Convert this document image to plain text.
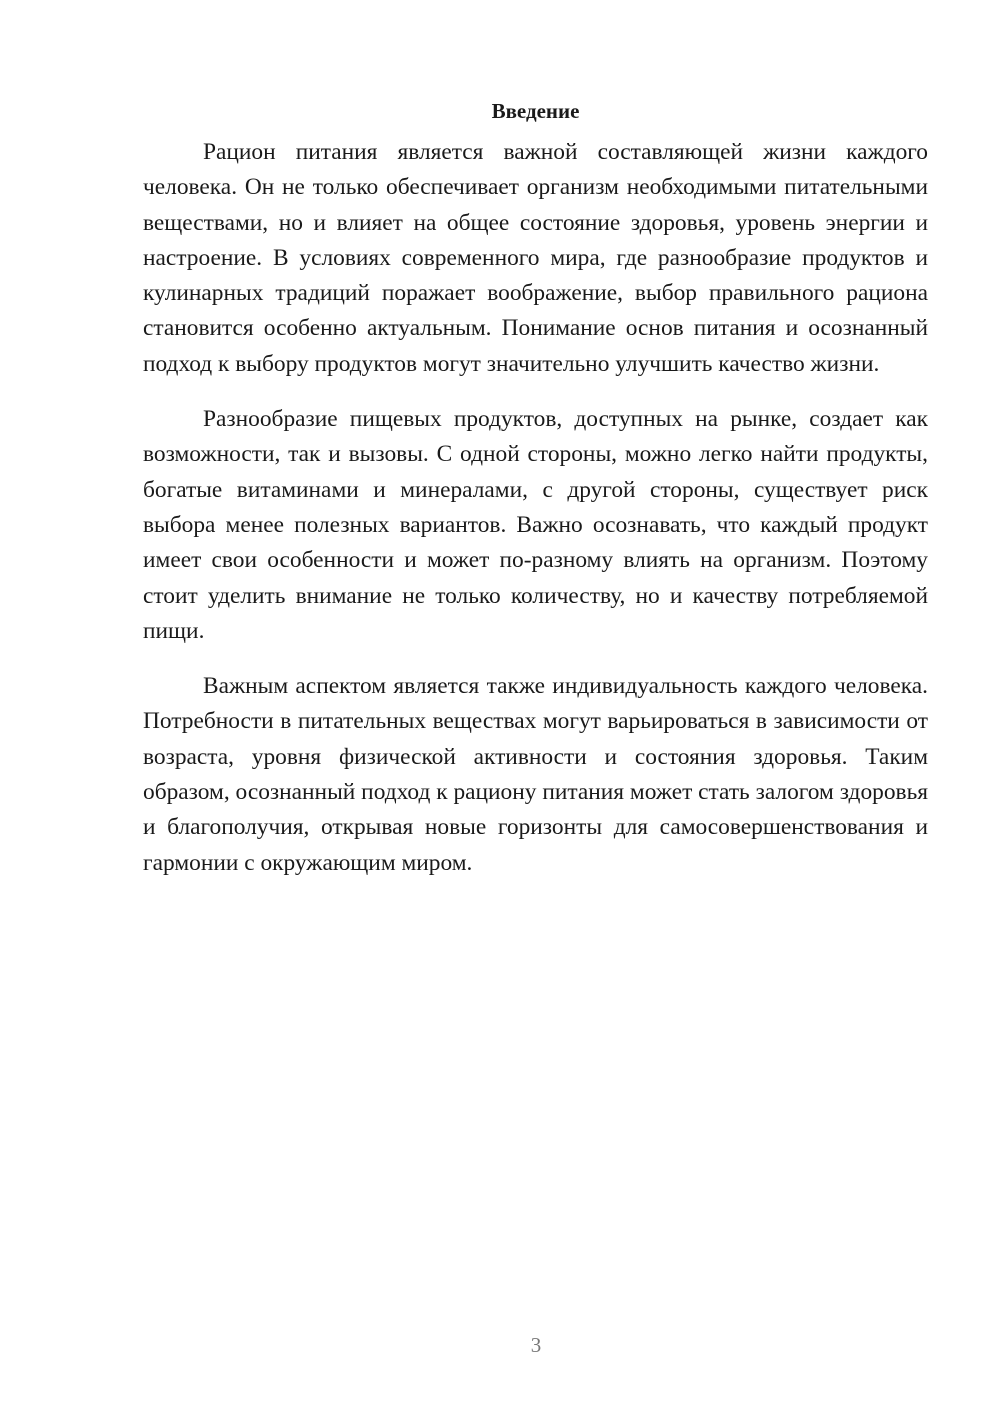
Введение

Рацион питания является важной составляющей жизни каждого человека. Он не только обеспечивает организм необходимыми питательными веществами, но и влияет на общее состояние здоровья, уровень энергии и настроение. В условиях современного мира, где разнообразие продуктов и кулинарных традиций поражает воображение, выбор правильного рациона становится особенно актуальным. Понимание основ питания и осознанный подход к выбору продуктов могут значительно улучшить качество жизни.

Разнообразие пищевых продуктов, доступных на рынке, создает как возможности, так и вызовы. С одной стороны, можно легко найти продукты, богатые витаминами и минералами, с другой стороны, существует риск выбора менее полезных вариантов. Важно осознавать, что каждый продукт имеет свои особенности и может по-разному влиять на организм. Поэтому стоит уделить внимание не только количеству, но и качеству потребляемой пищи.

Важным аспектом является также индивидуальность каждого человека. Потребности в питательных веществах могут варьироваться в зависимости от возраста, уровня физической активности и состояния здоровья. Таким образом, осознанный подход к рациону питания может стать залогом здоровья и благополучия, открывая новые горизонты для самосовершенствования и гармонии с окружающим миром.

3
